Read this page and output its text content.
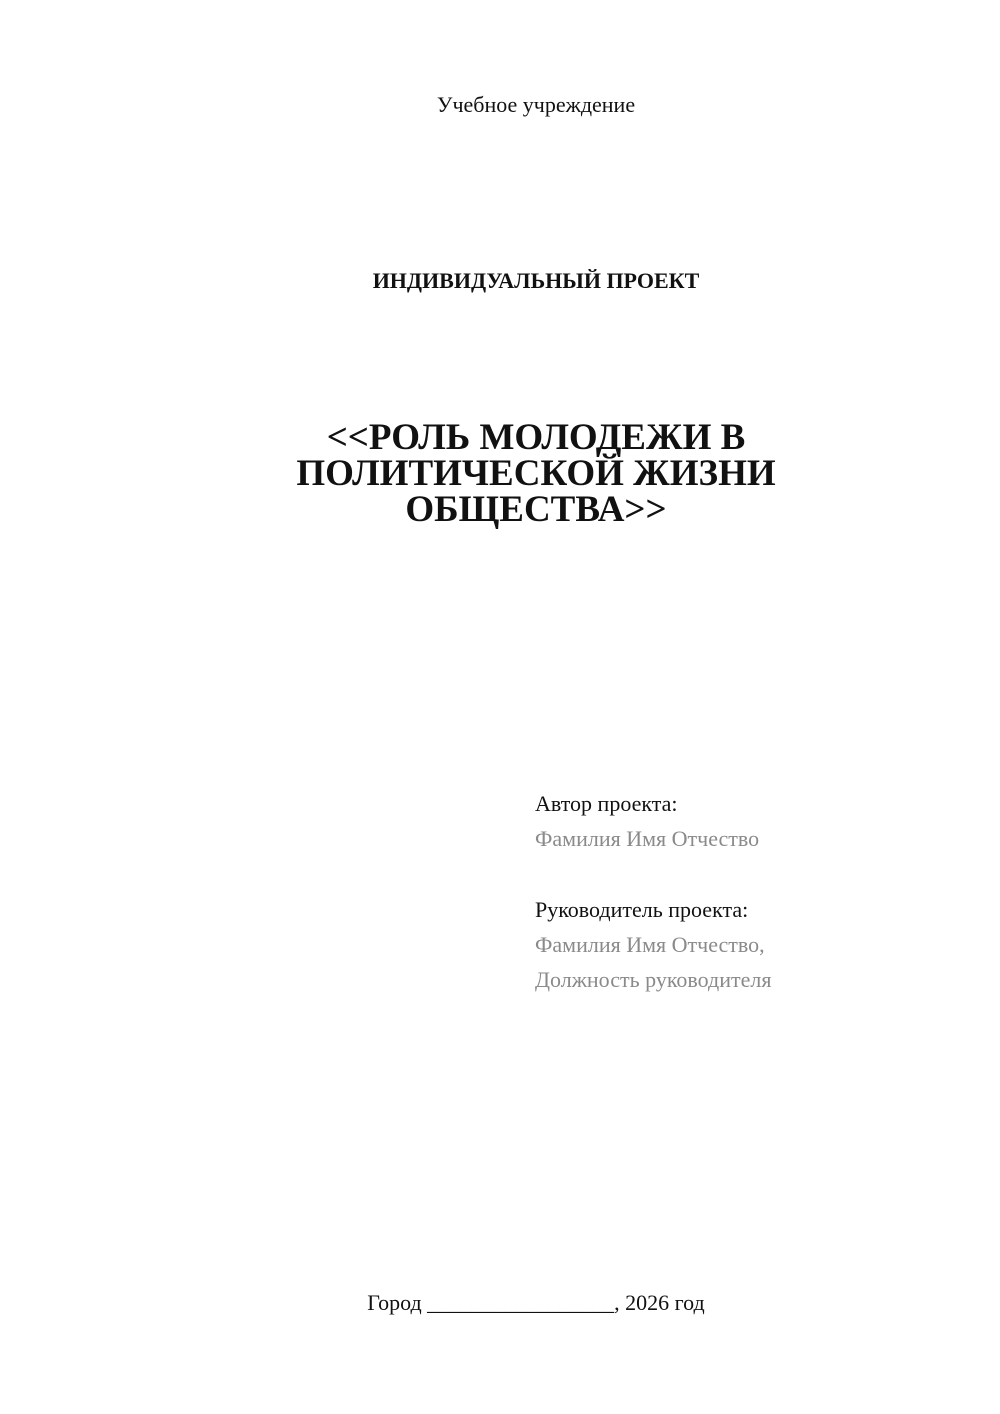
Учебное учреждение
ИНДИВИДУАЛЬНЫЙ ПРОЕКТ
<<РОЛЬ МОЛОДЕЖИ В
ПОЛИТИЧЕСКОЙ ЖИЗНИ
ОБЩЕСТВА>>
Автор проекта:
Фамилия Имя Отчество
Руководитель проекта:
Фамилия Имя Отчество,
Должность руководителя
Город _________________, 2026 год
